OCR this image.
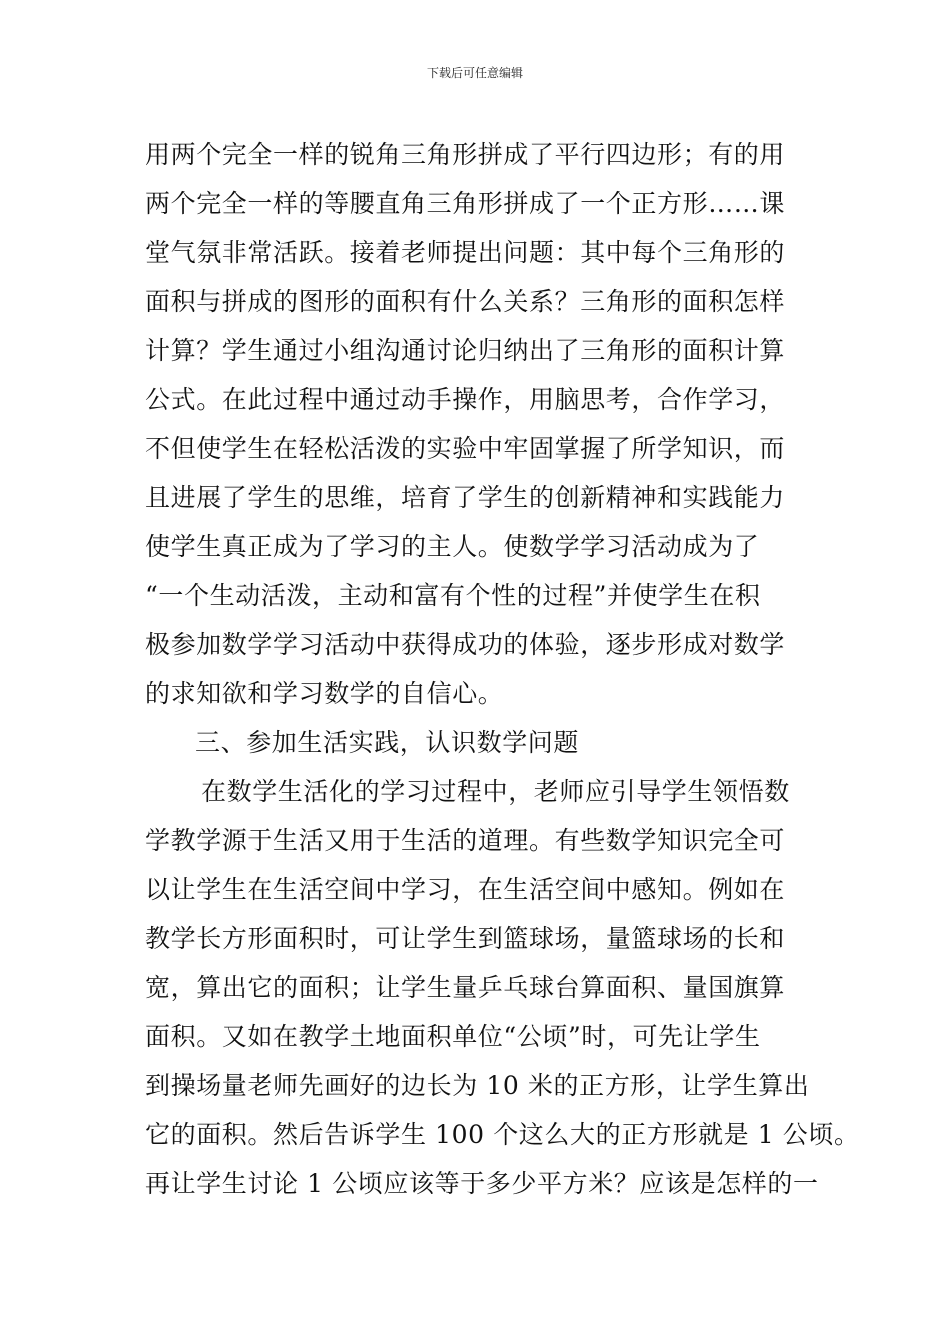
下载后可任意编辑
用两个完全一样的锐角三角形拼成了平行四边形；有的用
两个完全一样的等腰直角三角形拼成了一个正方形……课
堂气氛非常活跃。接着老师提出问题：其中每个三角形的
面积与拼成的图形的面积有什么关系？三角形的面积怎样
计算？学生通过小组沟通讨论归纳出了三角形的面积计算
公式。在此过程中通过动手操作，用脑思考，合作学习，
不但使学生在轻松活泼的实验中牢固掌握了所学知识，而
且进展了学生的思维，培育了学生的创新精神和实践能力
使学生真正成为了学习的主人。使数学学习活动成为了
“一个生动活泼，主动和富有个性的过程”并使学生在积
极参加数学学习活动中获得成功的体验，逐步形成对数学
的求知欲和学习数学的自信心。
三、参加生活实践，认识数学问题
在数学生活化的学习过程中，老师应引导学生领悟数
学教学源于生活又用于生活的道理。有些数学知识完全可
以让学生在生活空间中学习，在生活空间中感知。例如在
教学长方形面积时，可让学生到篮球场，量篮球场的长和
宽，算出它的面积；让学生量乒乓球台算面积、量国旗算
面积。又如在教学土地面积单位“公顷”时，可先让学生
到操场量老师先画好的边长为 10 米的正方形，让学生算出
它的面积。然后告诉学生 100 个这么大的正方形就是 1 公顷。
再让学生讨论 1 公顷应该等于多少平方米？应该是怎样的一
